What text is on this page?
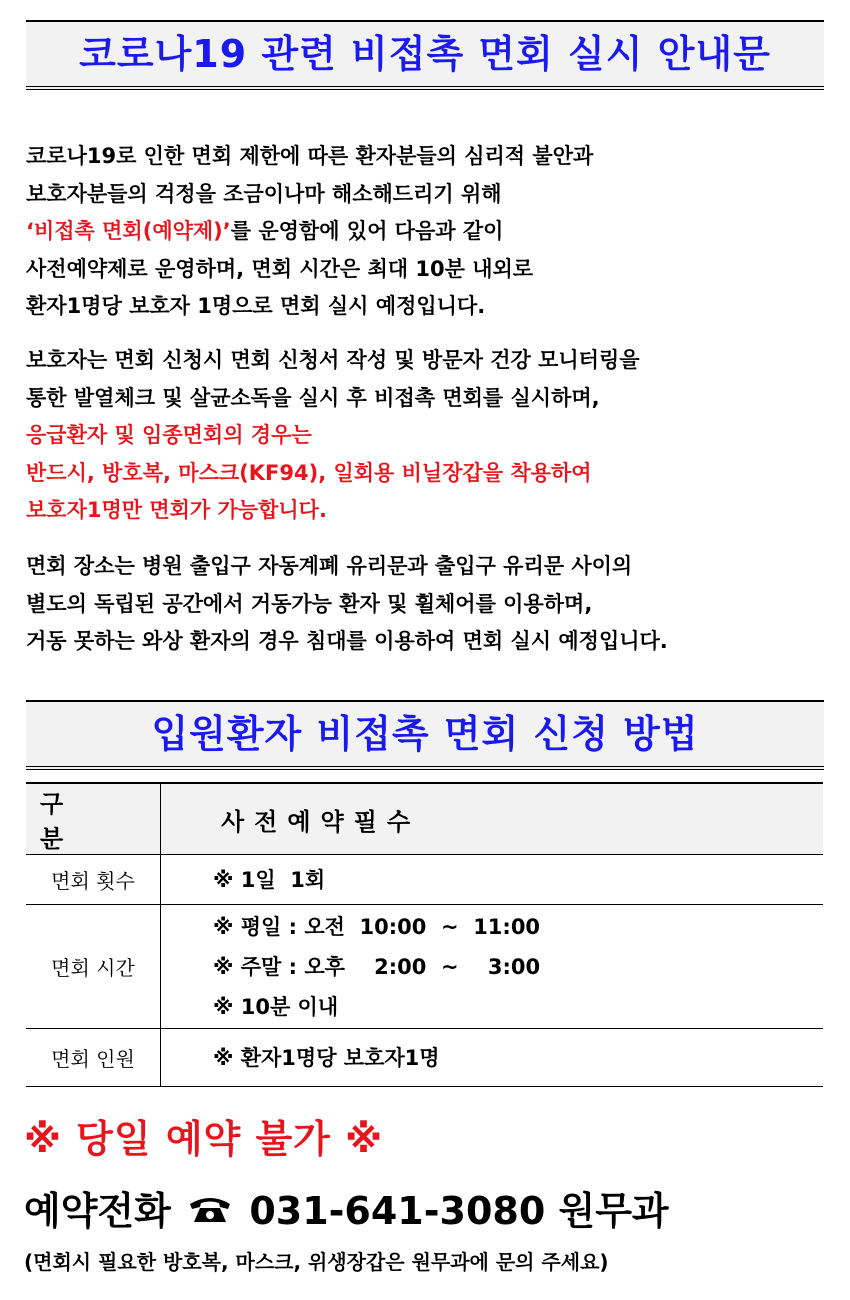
코로나19 관련 비접촉 면회 실시 안내문
코로나19로 인한 면회 제한에 따른 환자분들의 심리적 불안과
보호자분들의 걱정을 조금이나마 해소해드리기 위해
‘비접촉 면회(예약제)’를 운영함에 있어 다음과 같이
사전예약제로 운영하며, 면회 시간은 최대 10분 내외로
환자1명당 보호자 1명으로 면회 실시 예정입니다.
보호자는 면회 신청시 면회 신청서 작성 및 방문자 건강 모니터링을
통한 발열체크 및 살균소독을 실시 후 비접촉 면회를 실시하며,
응급환자 및 임종면회의 경우는
반드시, 방호복, 마스크(KF94), 일회용 비닐장갑을 착용하여
보호자1명만 면회가 가능합니다.
면회 장소는 병원 출입구 자동계폐 유리문과 출입구 유리문 사이의
별도의 독립된 공간에서 거동가능 환자 및 휠체어를 이용하며,
거동 못하는 와상 환자의 경우 침대를 이용하여 면회 실시 예정입니다.
입원환자 비접촉 면회 신청 방법
구 분	사전예약필수
면회 횟수	※ 1일  1회

면회 시간	※ 평일 : 오전  10:00  ~  11:00
※ 주말 : 오후    2:00  ~    3:00
※ 10분 이내

면회 인원	※ 환자1명당 보호자1명
※ 당일 예약 불가 ※
예약전화 031-641-3080 원무과
(면회시 필요한 방호복, 마스크, 위생장갑은 원무과에 문의 주세요)
